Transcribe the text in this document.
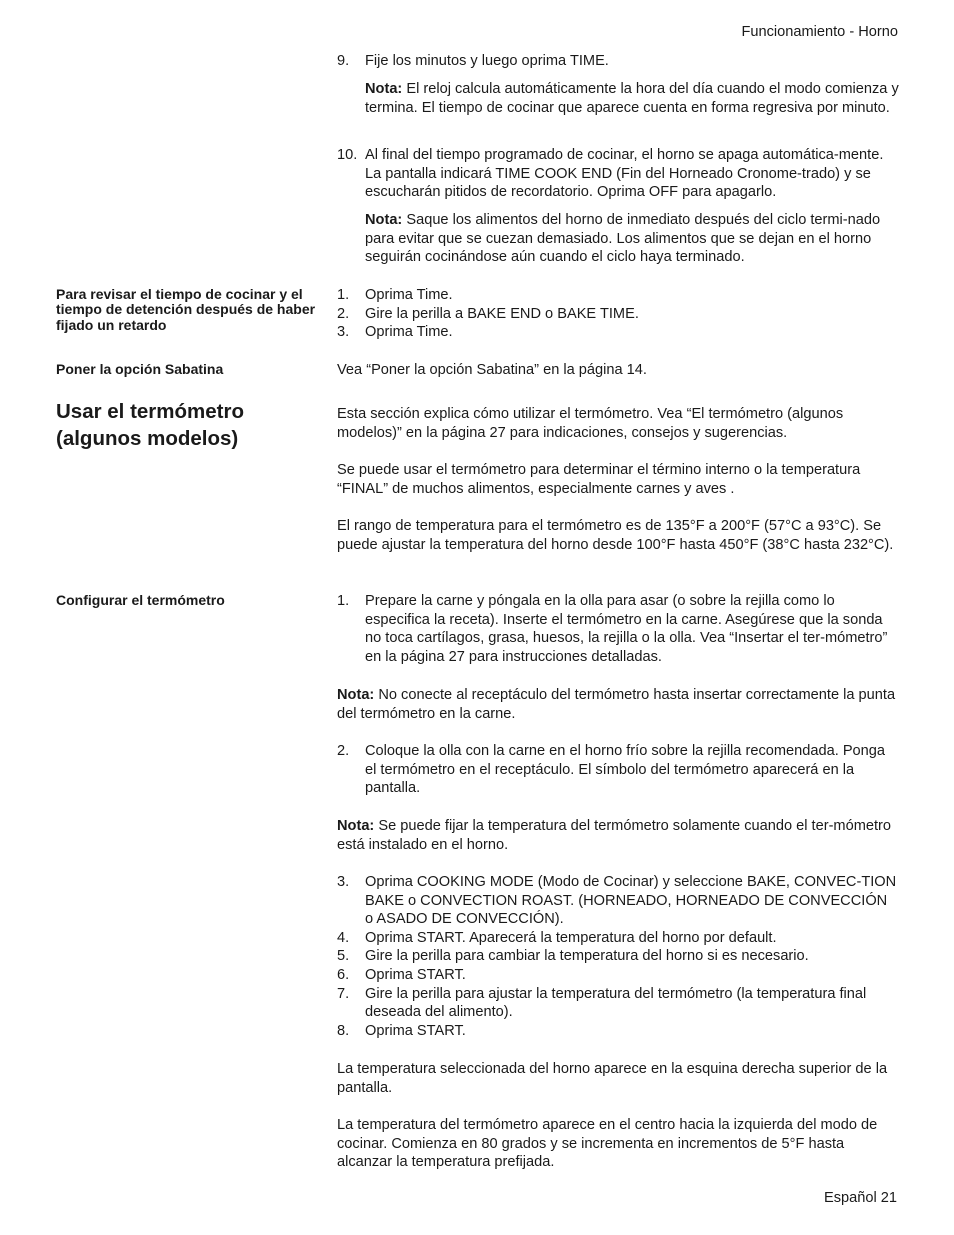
Funcionamiento - Horno
9. Fije los minutos y luego oprima TIME.

Nota: El reloj calcula automáticamente la hora del día cuando el modo comienza y termina. El tiempo de cocinar que aparece cuenta en forma regresiva por minuto.

10. Al final del tiempo programado de cocinar, el horno se apaga automática-mente. La pantalla indicará TIME COOK END (Fin del Horneado Cronome-trado) y se escucharán pitidos de recordatorio. Oprima OFF para apagarlo.

Nota: Saque los alimentos del horno de inmediato después del ciclo termi-nado para evitar que se cuezan demasiado. Los alimentos que se dejan en el horno seguirán cocinándose aún cuando el ciclo haya terminado.

Para revisar el tiempo de cocinar y el tiempo de detención después de haber fijado un retardo
1. Oprima Time.
2. Gire la perilla a BAKE END o BAKE TIME.
3. Oprima Time.
Poner la opción Sabatina	Vea “Poner la opción Sabatina” en la página 14.
Usar el termómetro (algunos modelos)
Esta sección explica cómo utilizar el termómetro. Vea “El termómetro (algunos modelos)” en la página 27 para indicaciones, consejos y sugerencias.
Se puede usar el termómetro para determinar el término interno o la temperatura “FINAL” de muchos alimentos, especialmente carnes y aves .
El rango de temperatura para el termómetro es de 135°F a 200°F (57°C a 93°C). Se puede ajustar la temperatura del horno desde 100°F hasta 450°F (38°C hasta 232°C).
Configurar el termómetro	1. Prepare la carne y póngala en la olla para asar (o sobre la rejilla como lo especifica la receta). Inserte el termómetro en la carne. Asegúrese que la sonda no toca cartílagos, grasa, huesos, la rejilla o la olla. Vea “Insertar el ter-mómetro” en la página 27 para instrucciones detalladas.

Nota: No conecte al receptáculo del termómetro hasta insertar correctamente la punta del termómetro en la carne.

2. Coloque la olla con la carne en el horno frío sobre la rejilla recomendada. Ponga el termómetro en el receptáculo. El símbolo del termómetro aparecerá en la pantalla.

Nota: Se puede fijar la temperatura del termómetro solamente cuando el ter-mómetro está instalado en el horno.

3. Oprima COOKING MODE (Modo de Cocinar) y seleccione BAKE, CONVEC-TION BAKE o CONVECTION ROAST. (HORNEADO, HORNEADO DE CONVECCIÓN o ASADO DE CONVECCIÓN).
4. Oprima START. Aparecerá la temperatura del horno por default.
5. Gire la perilla para cambiar la temperatura del horno si es necesario.
6. Oprima START.
7. Gire la perilla para ajustar la temperatura del termómetro (la temperatura final deseada del alimento).
8. Oprima START.
La temperatura seleccionada del horno aparece en la esquina derecha superior de la pantalla.
La temperatura del termómetro aparece en el centro hacia la izquierda del modo de cocinar. Comienza en 80 grados y se incrementa en incrementos de 5°F hasta alcanzar la temperatura prefijada.
Español 21
